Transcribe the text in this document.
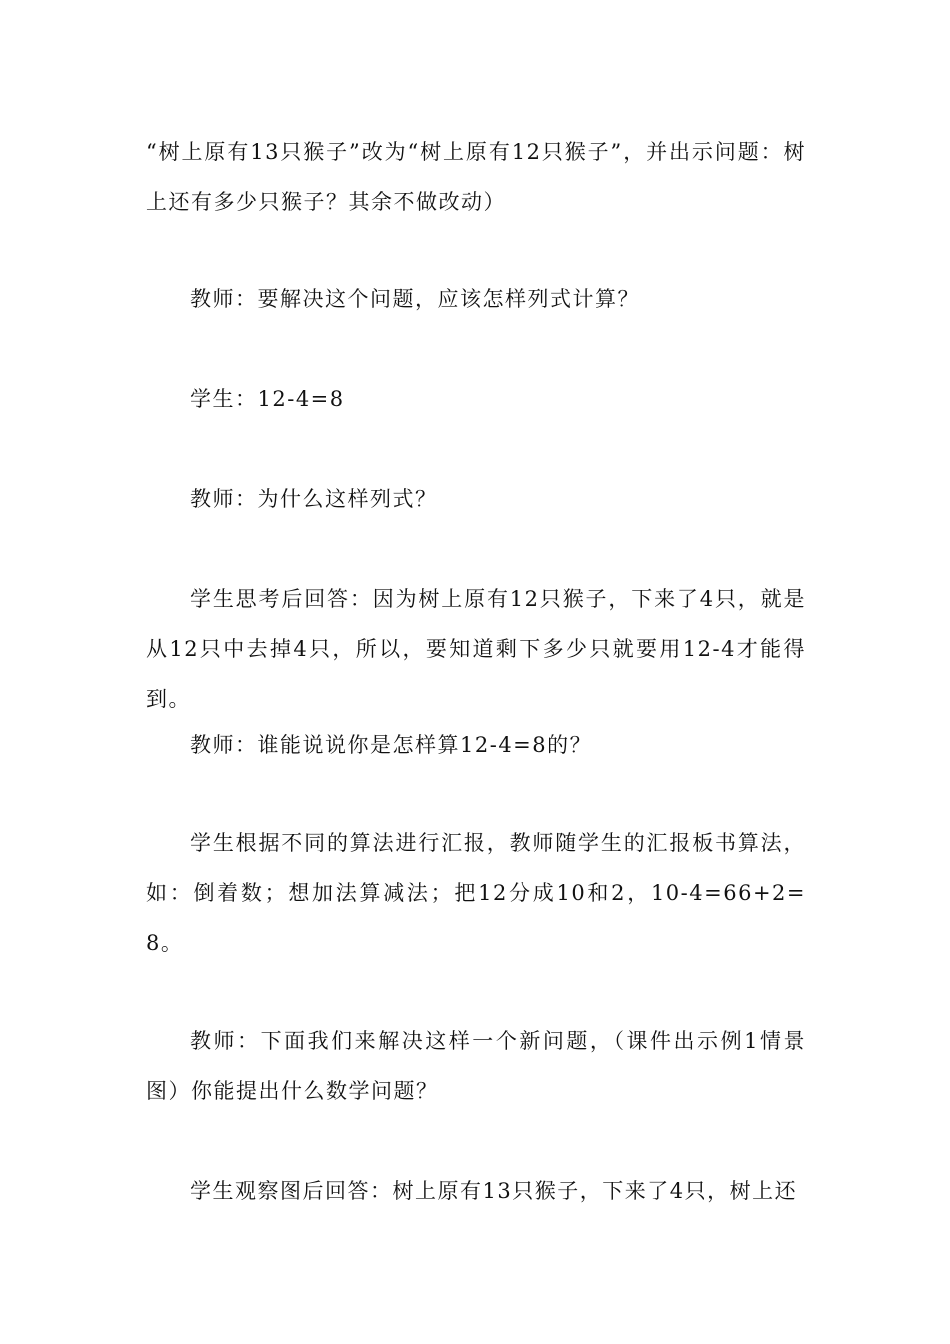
“树上原有13只猴子”改为“树上原有12只猴子”，并出示问题：树上还有多少只猴子？其余不做改动）

教师：要解决这个问题，应该怎样列式计算？

学生：12-4=8

教师：为什么这样列式？

学生思考后回答：因为树上原有12只猴子，下来了4只，就是从12只中去掉4只，所以，要知道剩下多少只就要用12-4才能得到。

教师：谁能说说你是怎样算12-4=8的？

学生根据不同的算法进行汇报，教师随学生的汇报板书算法，如：倒着数；想加法算减法；把12分成10和2，10-4=66+2=8。

教师：下面我们来解决这样一个新问题，（课件出示例1情景图）你能提出什么数学问题？

学生观察图后回答：树上原有13只猴子，下来了4只，树上还
